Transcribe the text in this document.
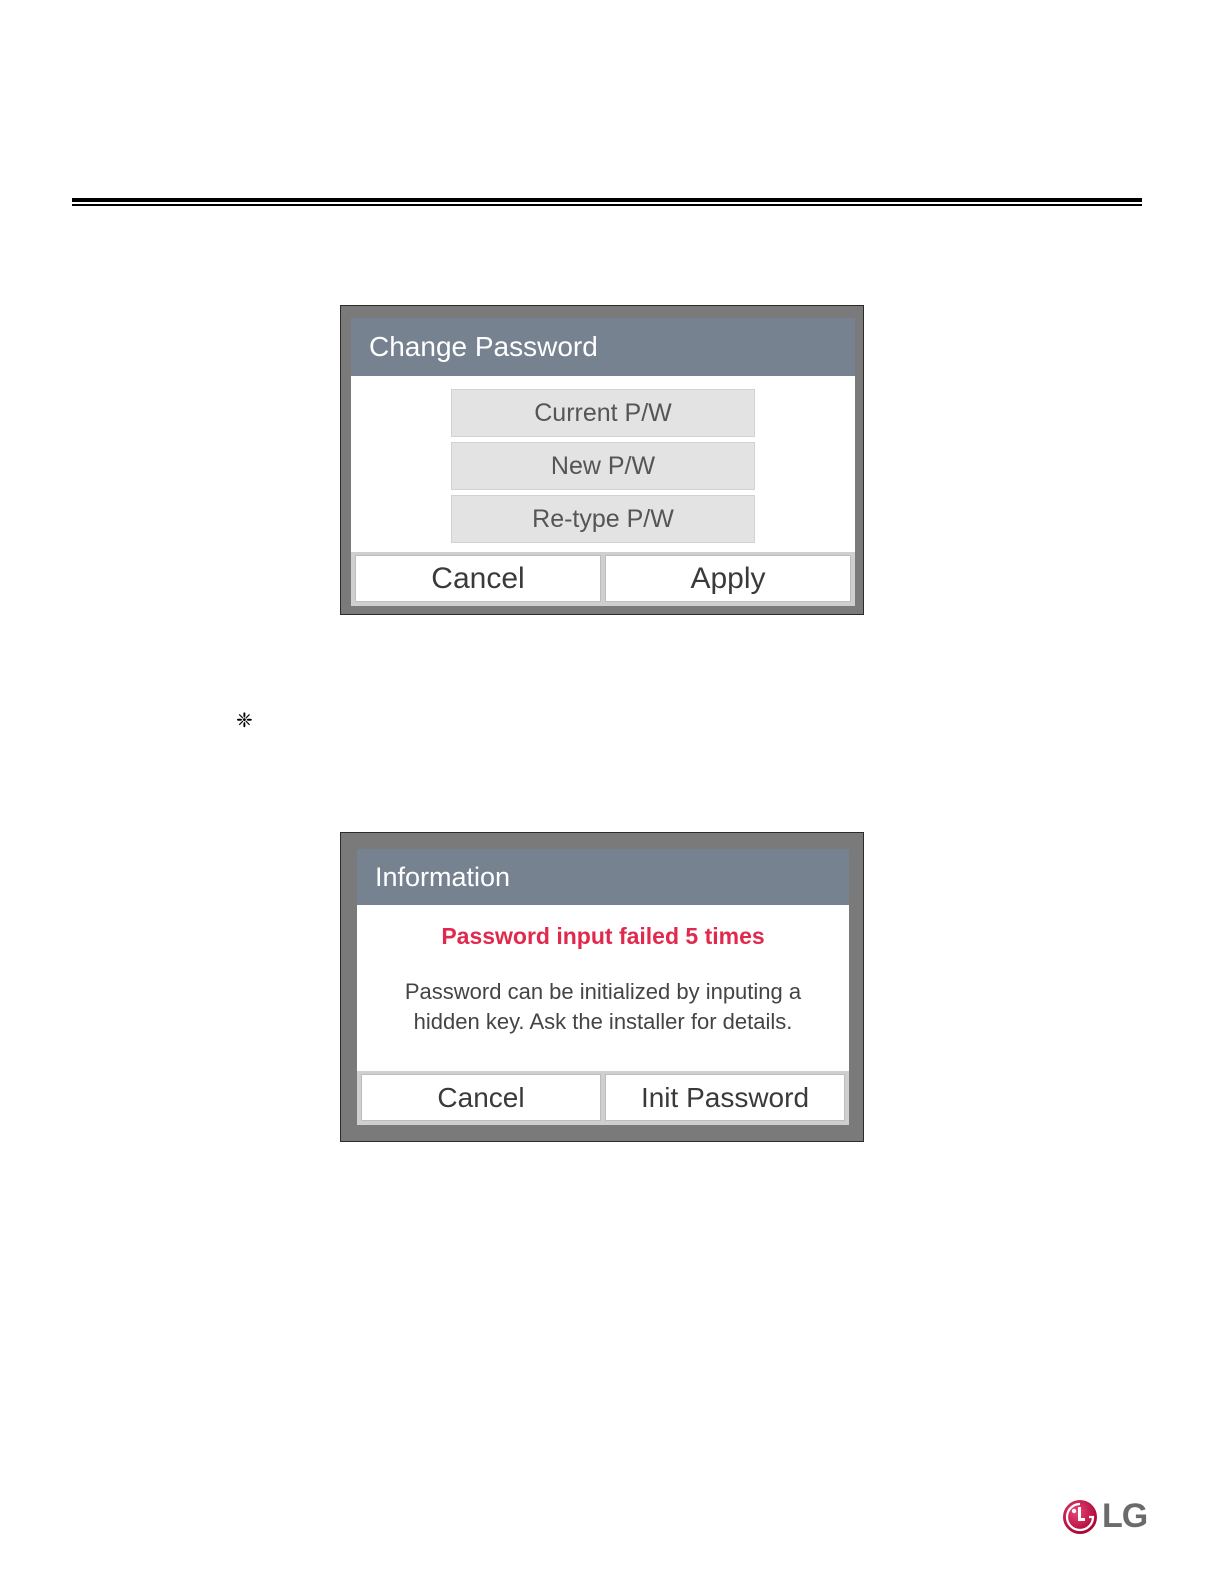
Change Password
Current P/W
New P/W
Re-type P/W
Cancel	Apply
❈
Information
Password input failed 5 times
Password can be initialized by inputing a
hidden key. Ask the installer for details.
Cancel	Init Password
LG
